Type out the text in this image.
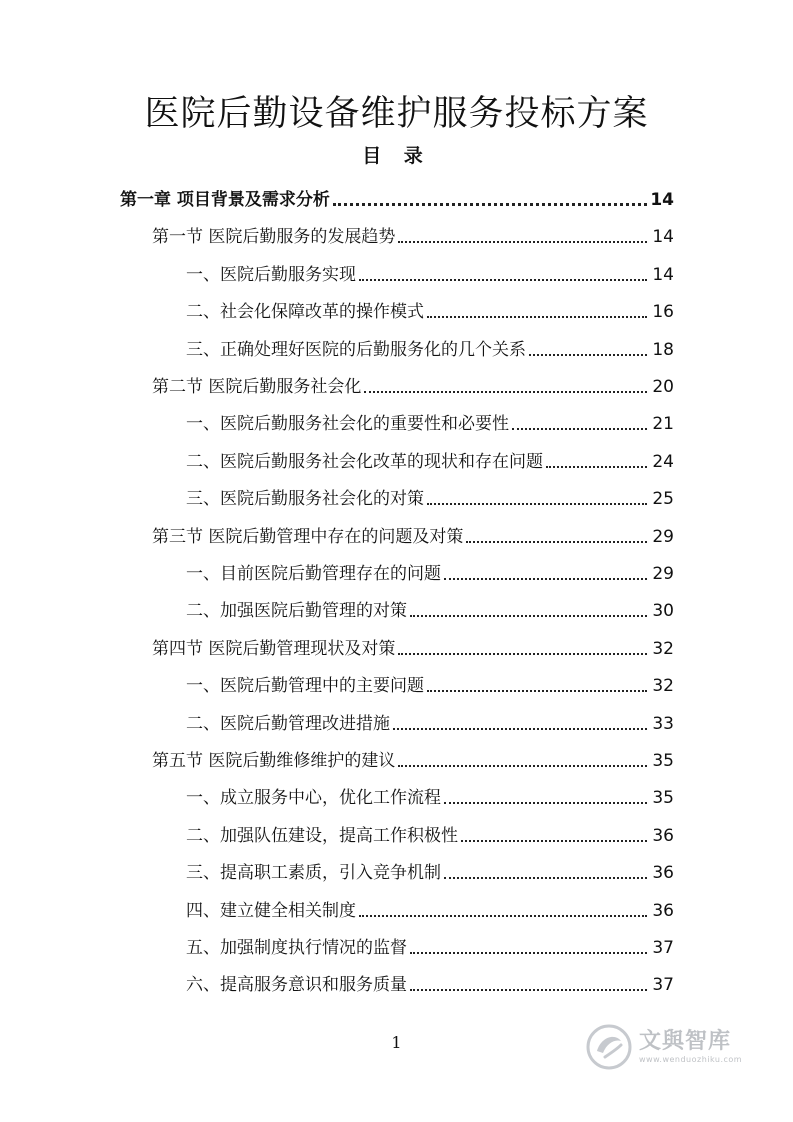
医院后勤设备维护服务投标方案
目 录
第一章 项目背景及需求分析	14
第一节 医院后勤服务的发展趋势	14
一、医院后勤服务实现	14
二、社会化保障改革的操作模式	16
三、正确处理好医院的后勤服务化的几个关系	18
第二节 医院后勤服务社会化	20
一、医院后勤服务社会化的重要性和必要性	21
二、医院后勤服务社会化改革的现状和存在问题	24
三、医院后勤服务社会化的对策	25
第三节 医院后勤管理中存在的问题及对策	29
一、目前医院后勤管理存在的问题	29
二、加强医院后勤管理的对策	30
第四节 医院后勤管理现状及对策	32
一、医院后勤管理中的主要问题	32
二、医院后勤管理改进措施	33
第五节 医院后勤维修维护的建议	35
一、成立服务中心，优化工作流程	35
二、加强队伍建设，提高工作积极性	36
三、提高职工素质，引入竞争机制	36
四、建立健全相关制度	36
五、加强制度执行情况的监督	37
六、提高服务意识和服务质量	37
1	文與智库
www.wenduozhiku.com
